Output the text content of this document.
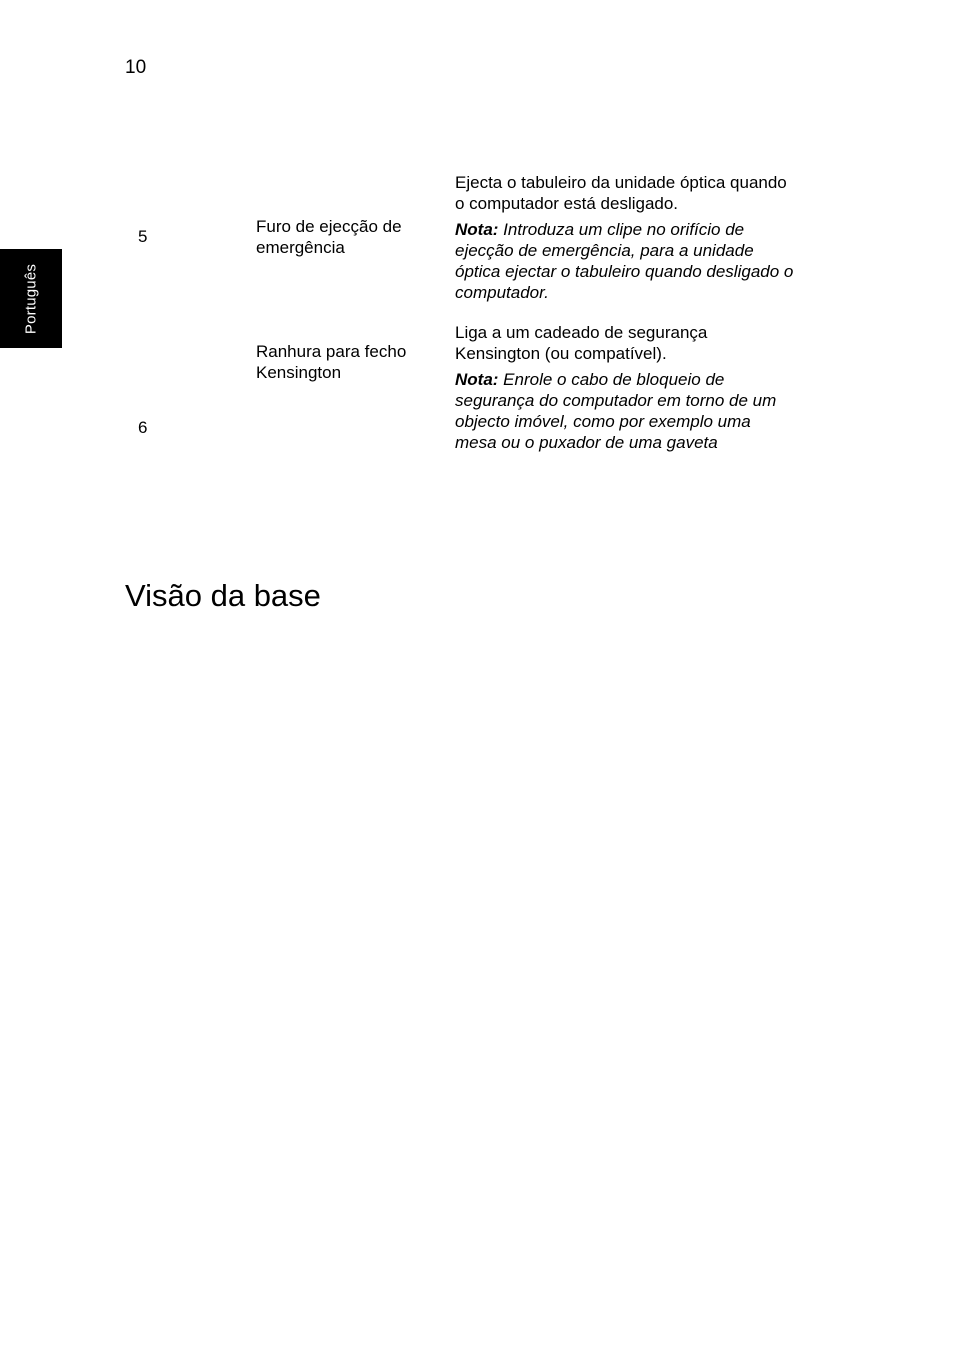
10
Português
5
Furo de ejecção de emergência
Ejecta o tabuleiro da unidade óptica quando o computador está desligado.
Nota: Introduza um clipe no orifício de ejecção de emergência, para a unidade óptica ejectar o tabuleiro quando desligado o computador.
6
Ranhura para fecho Kensington
Liga a um cadeado de segurança Kensington (ou compatível).
Nota: Enrole o cabo de bloqueio de segurança do computador em torno de um objecto imóvel, como por exemplo uma mesa ou o puxador de uma gaveta
Visão da base
